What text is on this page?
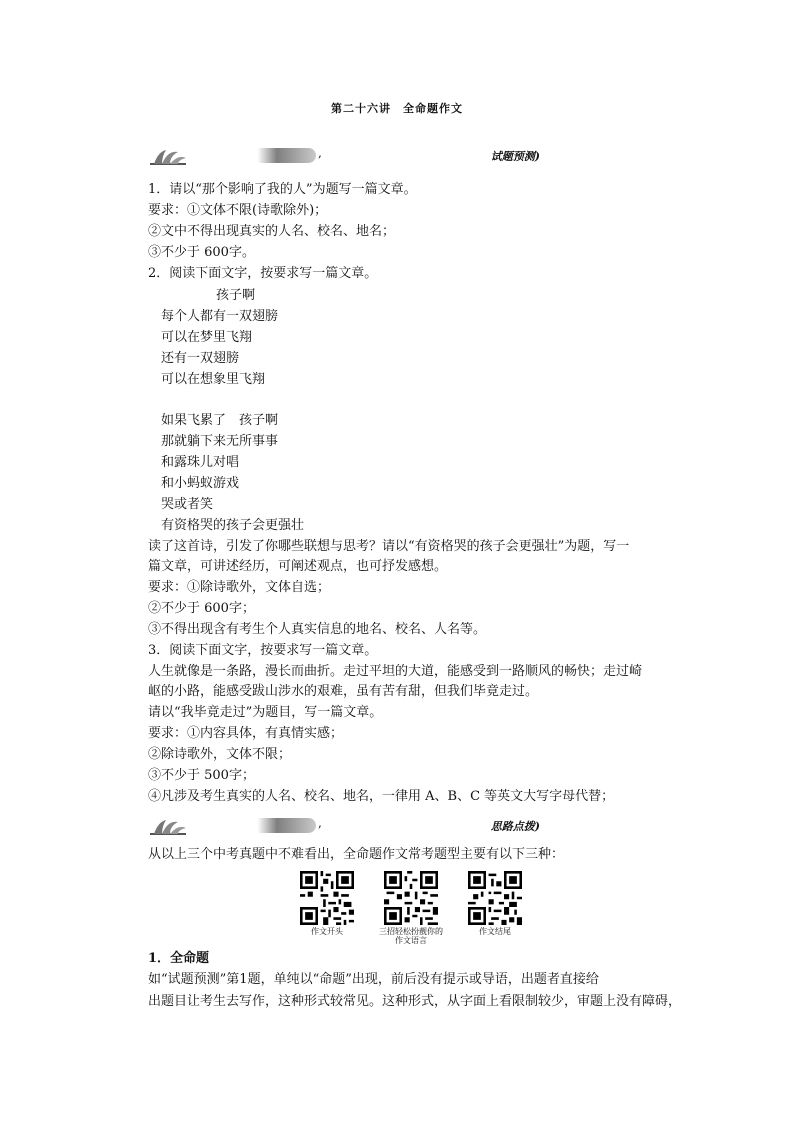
第二十六讲　全命题作文
,	试题预测)
1．请以“那个影响了我的人”为题写一篇文章。
要求：①文体不限(诗歌除外)；
②文中不得出现真实的人名、校名、地名；
③不少于 600字。
2．阅读下面文字，按要求写一篇文章。
孩子啊
每个人都有一双翅膀
可以在梦里飞翔
还有一双翅膀
可以在想象里飞翔
如果飞累了　孩子啊
那就躺下来无所事事
和露珠儿对唱
和小蚂蚁游戏
哭或者笑
有资格哭的孩子会更强壮
读了这首诗，引发了你哪些联想与思考？请以“有资格哭的孩子会更强壮”为题，写一
篇文章，可讲述经历，可阐述观点，也可抒发感想。
要求：①除诗歌外，文体自选；
②不少于 600字；
③不得出现含有考生个人真实信息的地名、校名、人名等。
3．阅读下面文字，按要求写一篇文章。
人生就像是一条路，漫长而曲折。走过平坦的大道，能感受到一路顺风的畅快；走过崎
岖的小路，能感受跋山涉水的艰难，虽有苦有甜，但我们毕竟走过。
请以“我毕竟走过”为题目，写一篇文章。
要求：①内容具体，有真情实感；
②除诗歌外，文体不限；
③不少于 500字；
④凡涉及考生真实的人名、校名、地名，一律用 A、B、C 等英文大写字母代替；
,	思路点拨)
从以上三个中考真题中不难看出，全命题作文常考题型主要有以下三种：
作文开头	三招轻松扮靓你的作文语言
作文结尾
1．全命题
如“试题预测”第1题，单纯以“命题”出现，前后没有提示或导语，出题者直接给
出题目让考生去写作，这种形式较常见。这种形式，从字面上看限制较少，审题上没有障碍，
